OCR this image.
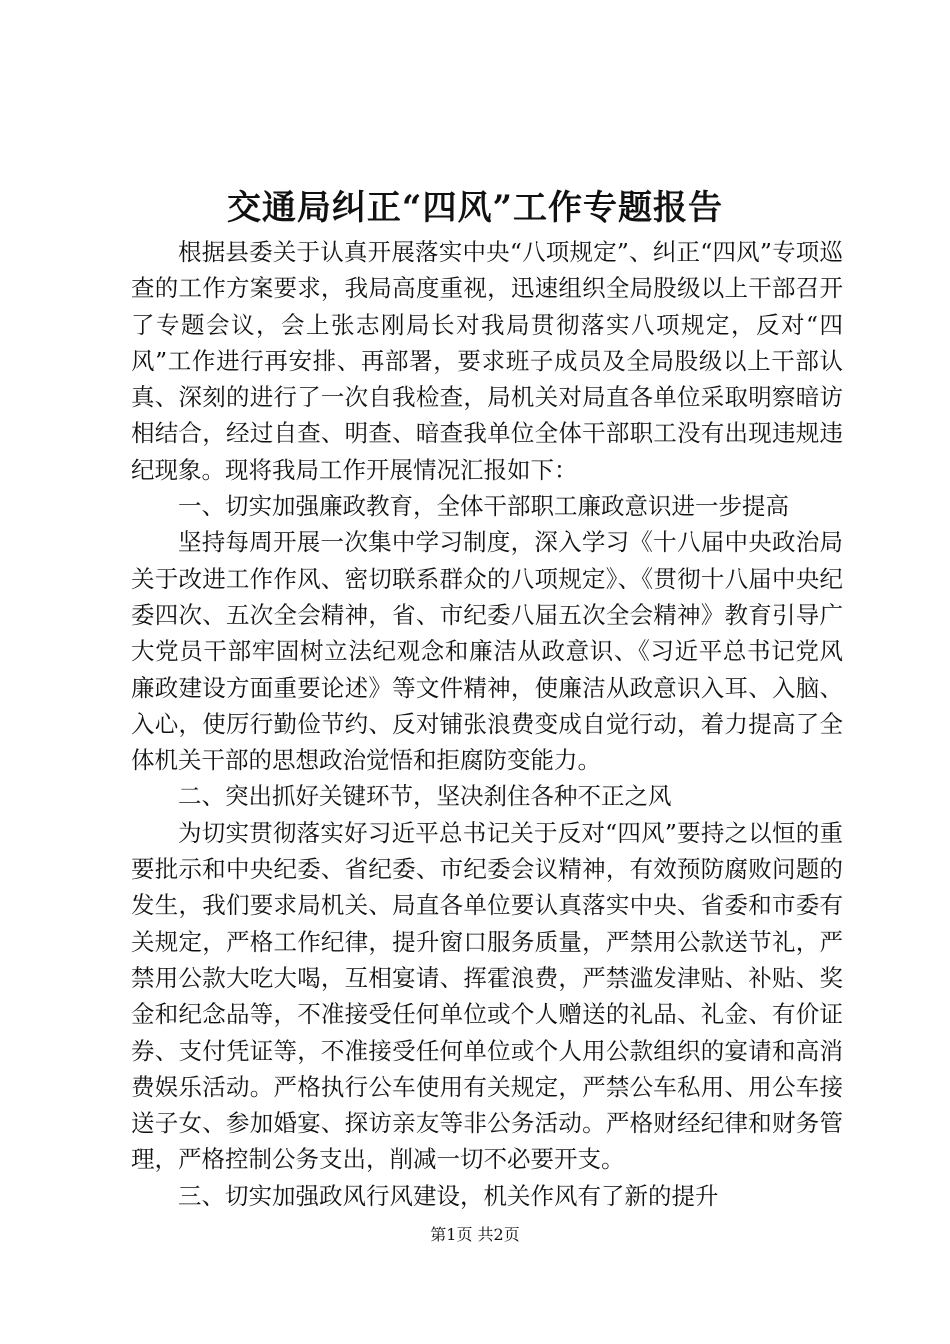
交通局纠正“四风”工作专题报告

根据县委关于认真开展落实中央“八项规定”、纠正“四风”专项巡查的工作方案要求，我局高度重视，迅速组织全局股级以上干部召开了专题会议，会上张志刚局长对我局贯彻落实八项规定，反对“四风”工作进行再安排、再部署，要求班子成员及全局股级以上干部认真、深刻的进行了一次自我检查，局机关对局直各单位采取明察暗访相结合，经过自查、明查、暗查我单位全体干部职工没有出现违规违纪现象。现将我局工作开展情况汇报如下：

一、切实加强廉政教育，全体干部职工廉政意识进一步提高

坚持每周开展一次集中学习制度，深入学习《十八届中央政治局关于改进工作作风、密切联系群众的八项规定》、《贯彻十八届中央纪委四次、五次全会精神，省、市纪委八届五次全会精神》教育引导广大党员干部牢固树立法纪观念和廉洁从政意识、《习近平总书记党风廉政建设方面重要论述》等文件精神，使廉洁从政意识入耳、入脑、入心，使厉行勤俭节约、反对铺张浪费变成自觉行动，着力提高了全体机关干部的思想政治觉悟和拒腐防变能力。

二、突出抓好关键环节，坚决刹住各种不正之风

为切实贯彻落实好习近平总书记关于反对“四风”要持之以恒的重要批示和中央纪委、省纪委、市纪委会议精神，有效预防腐败问题的发生，我们要求局机关、局直各单位要认真落实中央、省委和市委有关规定，严格工作纪律，提升窗口服务质量，严禁用公款送节礼，严禁用公款大吃大喝，互相宴请、挥霍浪费，严禁滥发津贴、补贴、奖金和纪念品等，不准接受任何单位或个人赠送的礼品、礼金、有价证券、支付凭证等，不准接受任何单位或个人用公款组织的宴请和高消费娱乐活动。严格执行公车使用有关规定，严禁公车私用、用公车接送子女、参加婚宴、探访亲友等非公务活动。严格财经纪律和财务管理，严格控制公务支出，削减一切不必要开支。

三、切实加强政风行风建设，机关作风有了新的提升

第1页 共2页
